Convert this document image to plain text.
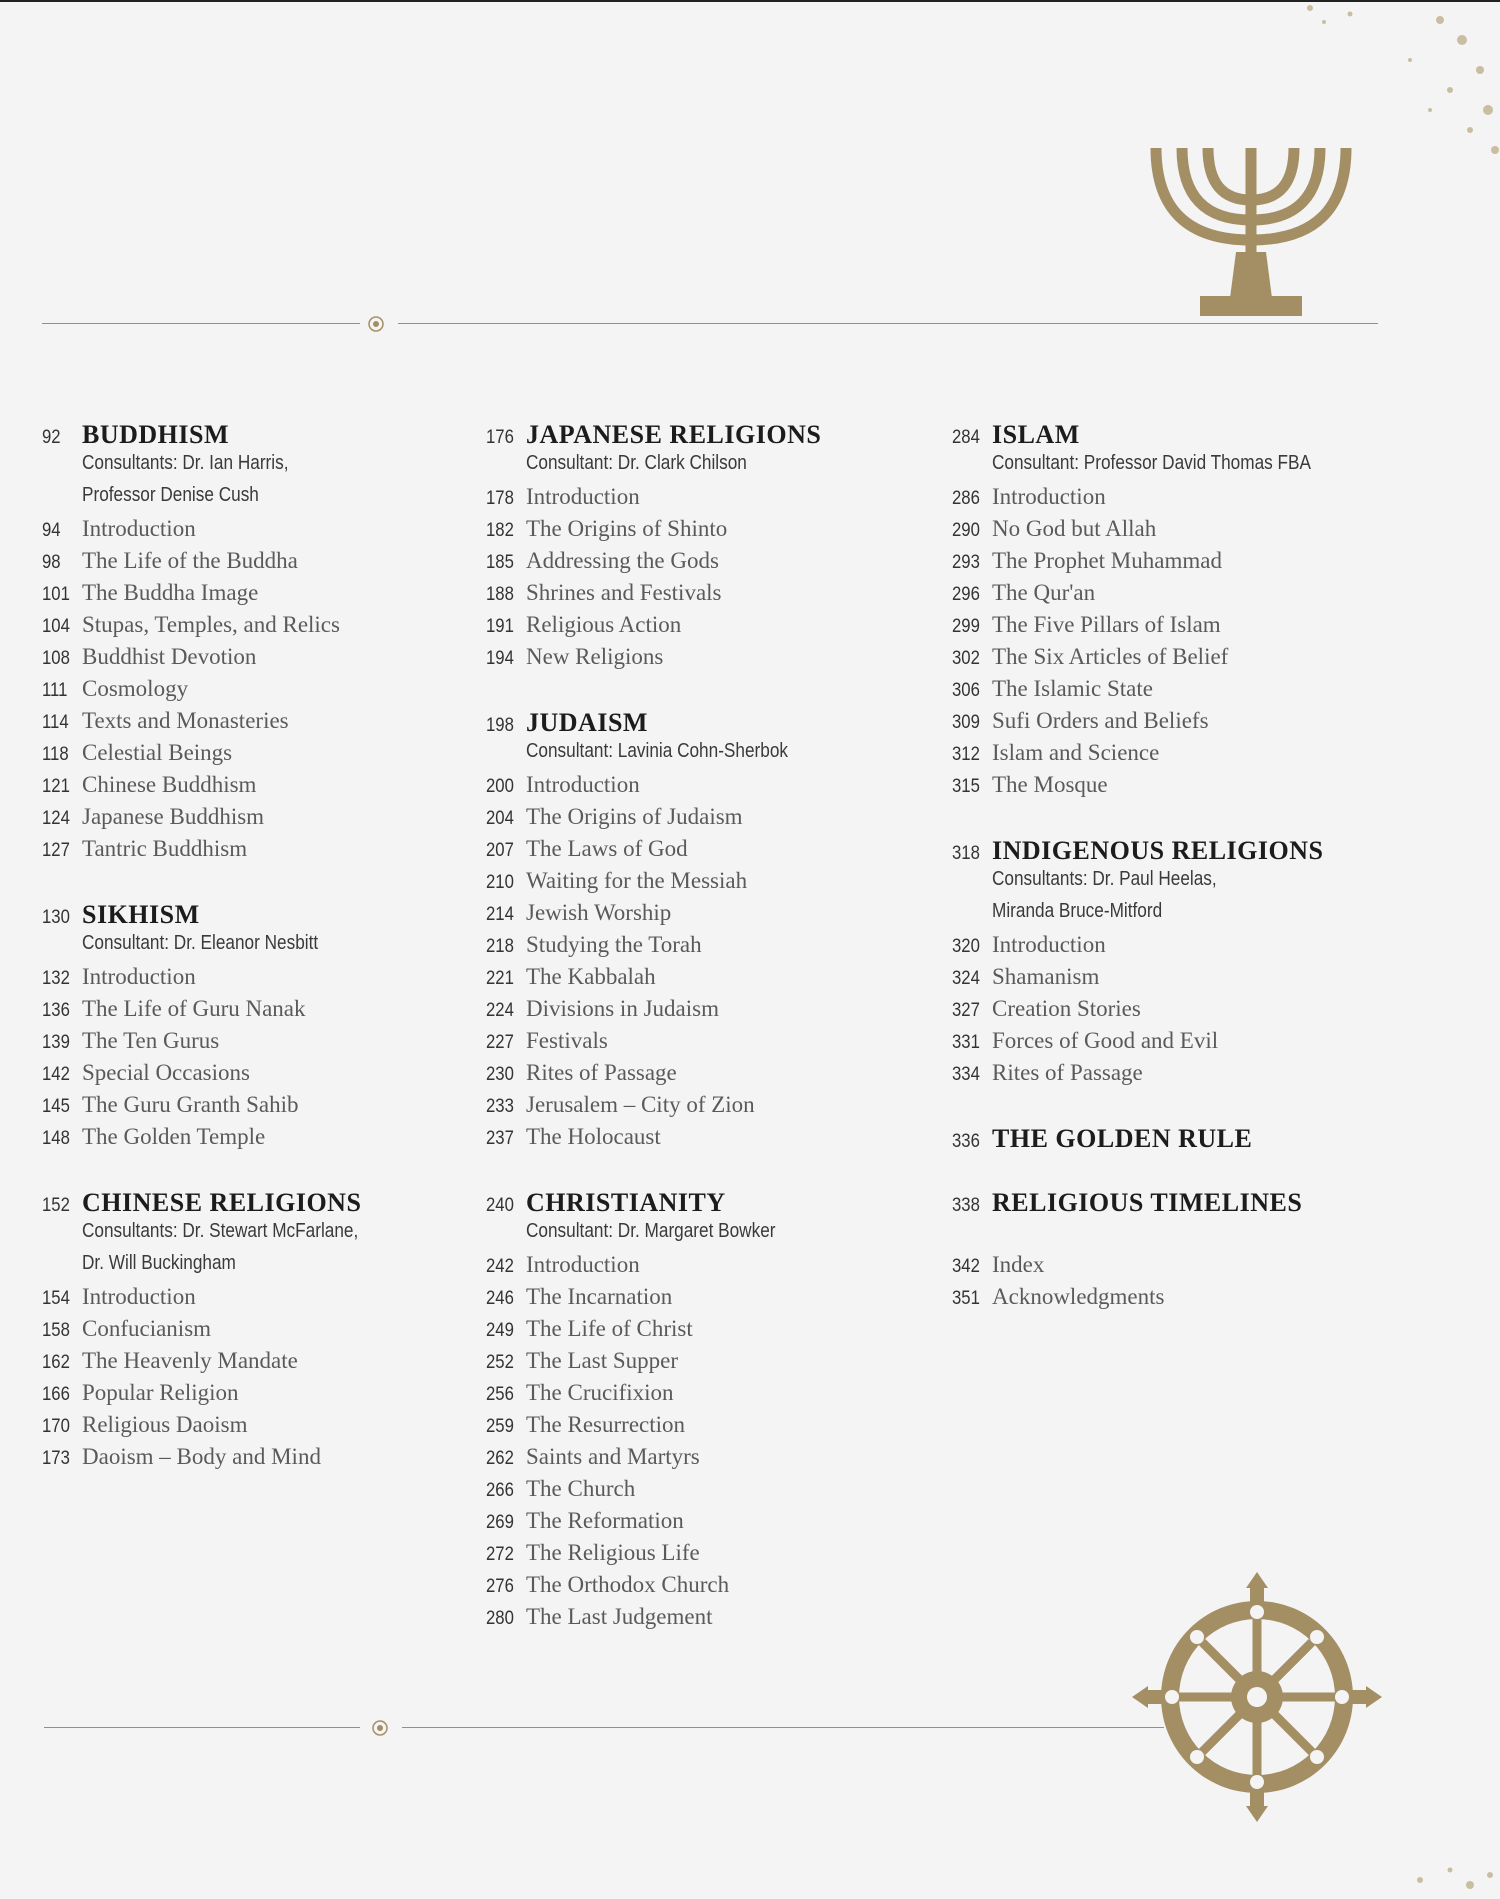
92 BUDDHISM
Consultants: Dr. Ian Harris,
Professor Denise Cush
94 Introduction
98 The Life of the Buddha
101 The Buddha Image
104 Stupas, Temples, and Relics
108 Buddhist Devotion
111 Cosmology
114 Texts and Monasteries
118 Celestial Beings
121 Chinese Buddhism
124 Japanese Buddhism
127 Tantric Buddhism
130 SIKHISM
Consultant: Dr. Eleanor Nesbitt
132 Introduction
136 The Life of Guru Nanak
139 The Ten Gurus
142 Special Occasions
145 The Guru Granth Sahib
148 The Golden Temple
152 CHINESE RELIGIONS
Consultants: Dr. Stewart McFarlane,
Dr. Will Buckingham
154 Introduction
158 Confucianism
162 The Heavenly Mandate
166 Popular Religion
170 Religious Daoism
173 Daoism – Body and Mind
176 JAPANESE RELIGIONS
Consultant: Dr. Clark Chilson
178 Introduction
182 The Origins of Shinto
185 Addressing the Gods
188 Shrines and Festivals
191 Religious Action
194 New Religions
198 JUDAISM
Consultant: Lavinia Cohn-Sherbok
200 Introduction
204 The Origins of Judaism
207 The Laws of God
210 Waiting for the Messiah
214 Jewish Worship
218 Studying the Torah
221 The Kabbalah
224 Divisions in Judaism
227 Festivals
230 Rites of Passage
233 Jerusalem – City of Zion
237 The Holocaust
240 CHRISTIANITY
Consultant: Dr. Margaret Bowker
242 Introduction
246 The Incarnation
249 The Life of Christ
252 The Last Supper
256 The Crucifixion
259 The Resurrection
262 Saints and Martyrs
266 The Church
269 The Reformation
272 The Religious Life
276 The Orthodox Church
280 The Last Judgement
284 ISLAM
Consultant: Professor David Thomas FBA
286 Introduction
290 No God but Allah
293 The Prophet Muhammad
296 The Qur'an
299 The Five Pillars of Islam
302 The Six Articles of Belief
306 The Islamic State
309 Sufi Orders and Beliefs
312 Islam and Science
315 The Mosque
318 INDIGENOUS RELIGIONS
Consultants: Dr. Paul Heelas,
Miranda Bruce-Mitford
320 Introduction
324 Shamanism
327 Creation Stories
331 Forces of Good and Evil
334 Rites of Passage
336 THE GOLDEN RULE
338 RELIGIOUS TIMELINES
342 Index
351 Acknowledgments
